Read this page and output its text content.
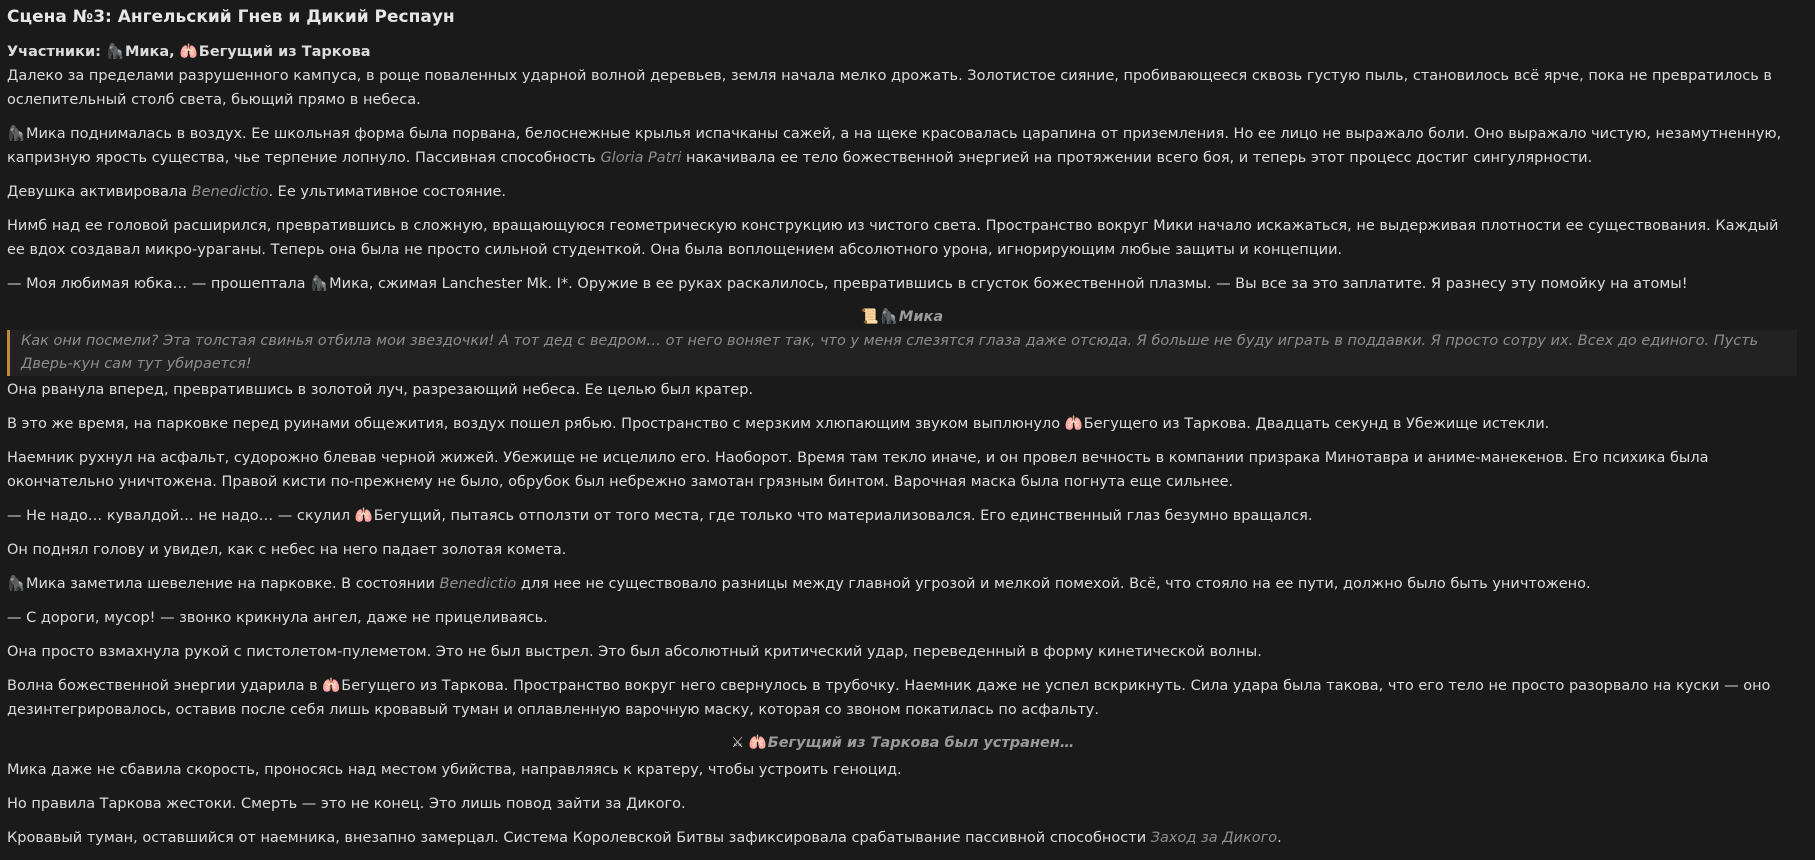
Сцена №3: Ангельский Гнев и Дикий Респаун

Участники: 🦍Мика, 🫁Бегущий из Таркова

Далеко за пределами разрушенного кампуса, в роще поваленных ударной волной деревьев, земля начала мелко дрожать. Золотистое сияние, пробивающееся сквозь густую пыль, становилось всё ярче, пока не превратилось в ослепительный столб света, бьющий прямо в небеса.

🦍Мика поднималась в воздух. Ее школьная форма была порвана, белоснежные крылья испачканы сажей, а на щеке красовалась царапина от приземления. Но ее лицо не выражало боли. Оно выражало чистую, незамутненную, капризную ярость существа, чье терпение лопнуло. Пассивная способность Gloria Patri накачивала ее тело божественной энергией на протяжении всего боя, и теперь этот процесс достиг сингулярности.

Девушка активировала Benedictio. Ее ультимативное состояние.

Нимб над ее головой расширился, превратившись в сложную, вращающуюся геометрическую конструкцию из чистого света. Пространство вокруг Мики начало искажаться, не выдерживая плотности ее существования. Каждый ее вдох создавал микро-ураганы. Теперь она была не просто сильной студенткой. Она была воплощением абсолютного урона, игнорирующим любые защиты и концепции.

— Моя любимая юбка… — прошептала 🦍Мика, сжимая Lanchester Mk. I*. Оружие в ее руках раскалилось, превратившись в сгусток божественной плазмы. — Вы все за это заплатите. Я разнесу эту помойку на атомы!

📜🦍Мика
Как они посмели? Эта толстая свинья отбила мои звездочки! А тот дед с ведром… от него воняет так, что у меня слезятся глаза даже отсюда. Я больше не буду играть в поддавки. Я просто сотру их. Всех до единого. Пусть Дверь-кун сам тут убирается!

Она рванула вперед, превратившись в золотой луч, разрезающий небеса. Ее целью был кратер.

В это же время, на парковке перед руинами общежития, воздух пошел рябью. Пространство с мерзким хлюпающим звуком выплюнуло 🫁Бегущего из Таркова. Двадцать секунд в Убежище истекли.

Наемник рухнул на асфальт, судорожно блевав черной жижей. Убежище не исцелило его. Наоборот. Время там текло иначе, и он провел вечность в компании призрака Минотавра и аниме-манекенов. Его психика была окончательно уничтожена. Правой кисти по-прежнему не было, обрубок был небрежно замотан грязным бинтом. Варочная маска была погнута еще сильнее.

— Не надо… кувалдой… не надо… — скулил 🫁Бегущий, пытаясь отползти от того места, где только что материализовался. Его единственный глаз безумно вращался.

Он поднял голову и увидел, как с небес на него падает золотая комета.

🦍Мика заметила шевеление на парковке. В состоянии Benedictio для нее не существовало разницы между главной угрозой и мелкой помехой. Всё, что стояло на ее пути, должно было быть уничтожено.

— С дороги, мусор! — звонко крикнула ангел, даже не прицеливаясь.

Она просто взмахнула рукой с пистолетом-пулеметом. Это не был выстрел. Это был абсолютный критический удар, переведенный в форму кинетической волны.

Волна божественной энергии ударила в 🫁Бегущего из Таркова. Пространство вокруг него свернулось в трубочку. Наемник даже не успел вскрикнуть. Сила удара была такова, что его тело не просто разорвало на куски — оно дезинтегрировалось, оставив после себя лишь кровавый туман и оплавленную варочную маску, которая со звоном покатилась по асфальту.

⚔ 🫁Бегущий из Таркова был устранен…

Мика даже не сбавила скорость, проносясь над местом убийства, направляясь к кратеру, чтобы устроить геноцид.

Но правила Таркова жестоки. Смерть — это не конец. Это лишь повод зайти за Дикого.

Кровавый туман, оставшийся от наемника, внезапно замерцал. Система Королевской Битвы зафиксировала срабатывание пассивной способности Заход за Дикого.
